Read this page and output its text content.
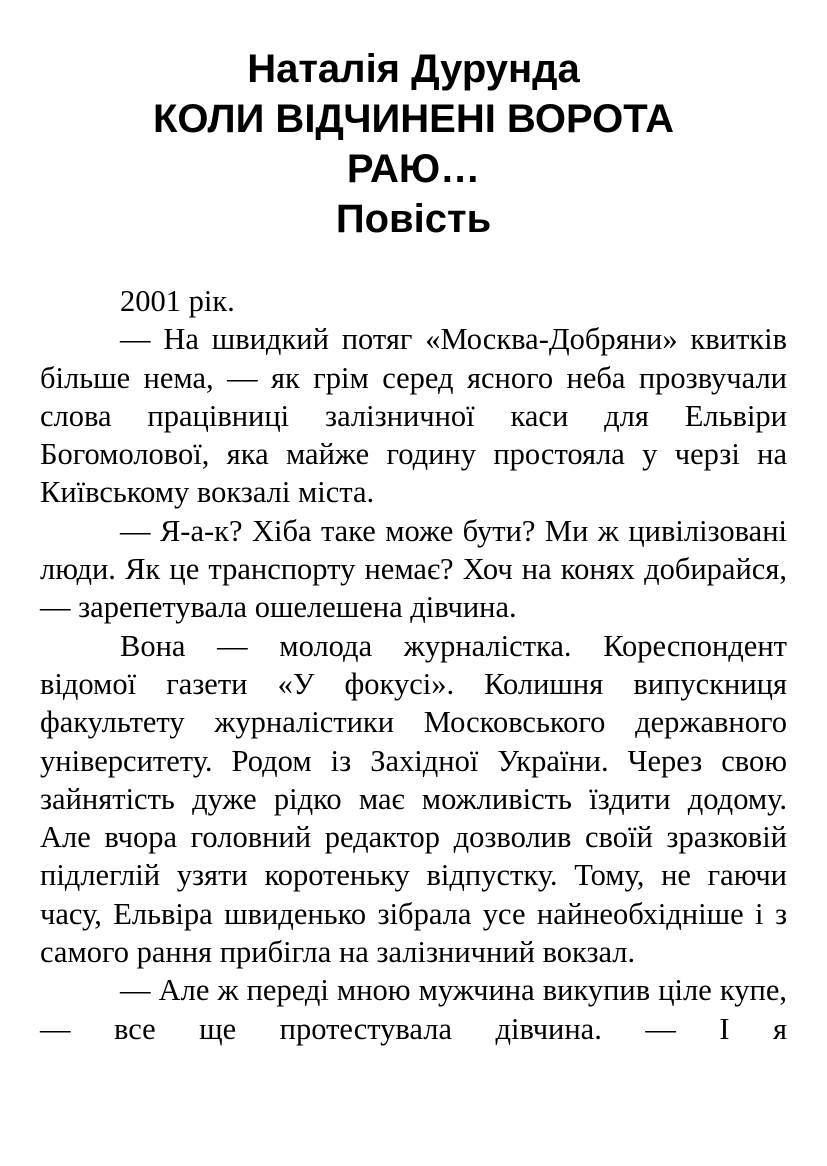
Наталія Дурунда
КОЛИ ВІДЧИНЕНІ ВОРОТА
РАЮ…
Повість

2001 рік.

— На швидкий потяг «Москва-Добряни» квитків більше нема, — як грім серед ясного неба прозвучали слова працівниці залізничної каси для Ельвіри Богомолової, яка майже годину простояла у черзі на Київському вокзалі міста.

— Я-а-к? Хіба таке може бути? Ми ж цивілізовані люди. Як це транспорту немає? Хоч на конях добирайся, — зарепетувала ошелешена дівчина.

Вона — молода журналістка. Кореспондент відомої газети «У фокусі». Колишня випускниця факультету журналістики Московського державного університету. Родом із Західної України. Через свою зайнятість дуже рідко має можливість їздити додому. Але вчора головний редактор дозволив своїй зразковій підлеглій узяти коротеньку відпустку. Тому, не гаючи часу, Ельвіра швиденько зібрала усе найнеобхідніше і з самого рання прибігла на залізничний вокзал.

— Але ж переді мною мужчина викупив ціле купе, — все ще протестувала дівчина. — І я
